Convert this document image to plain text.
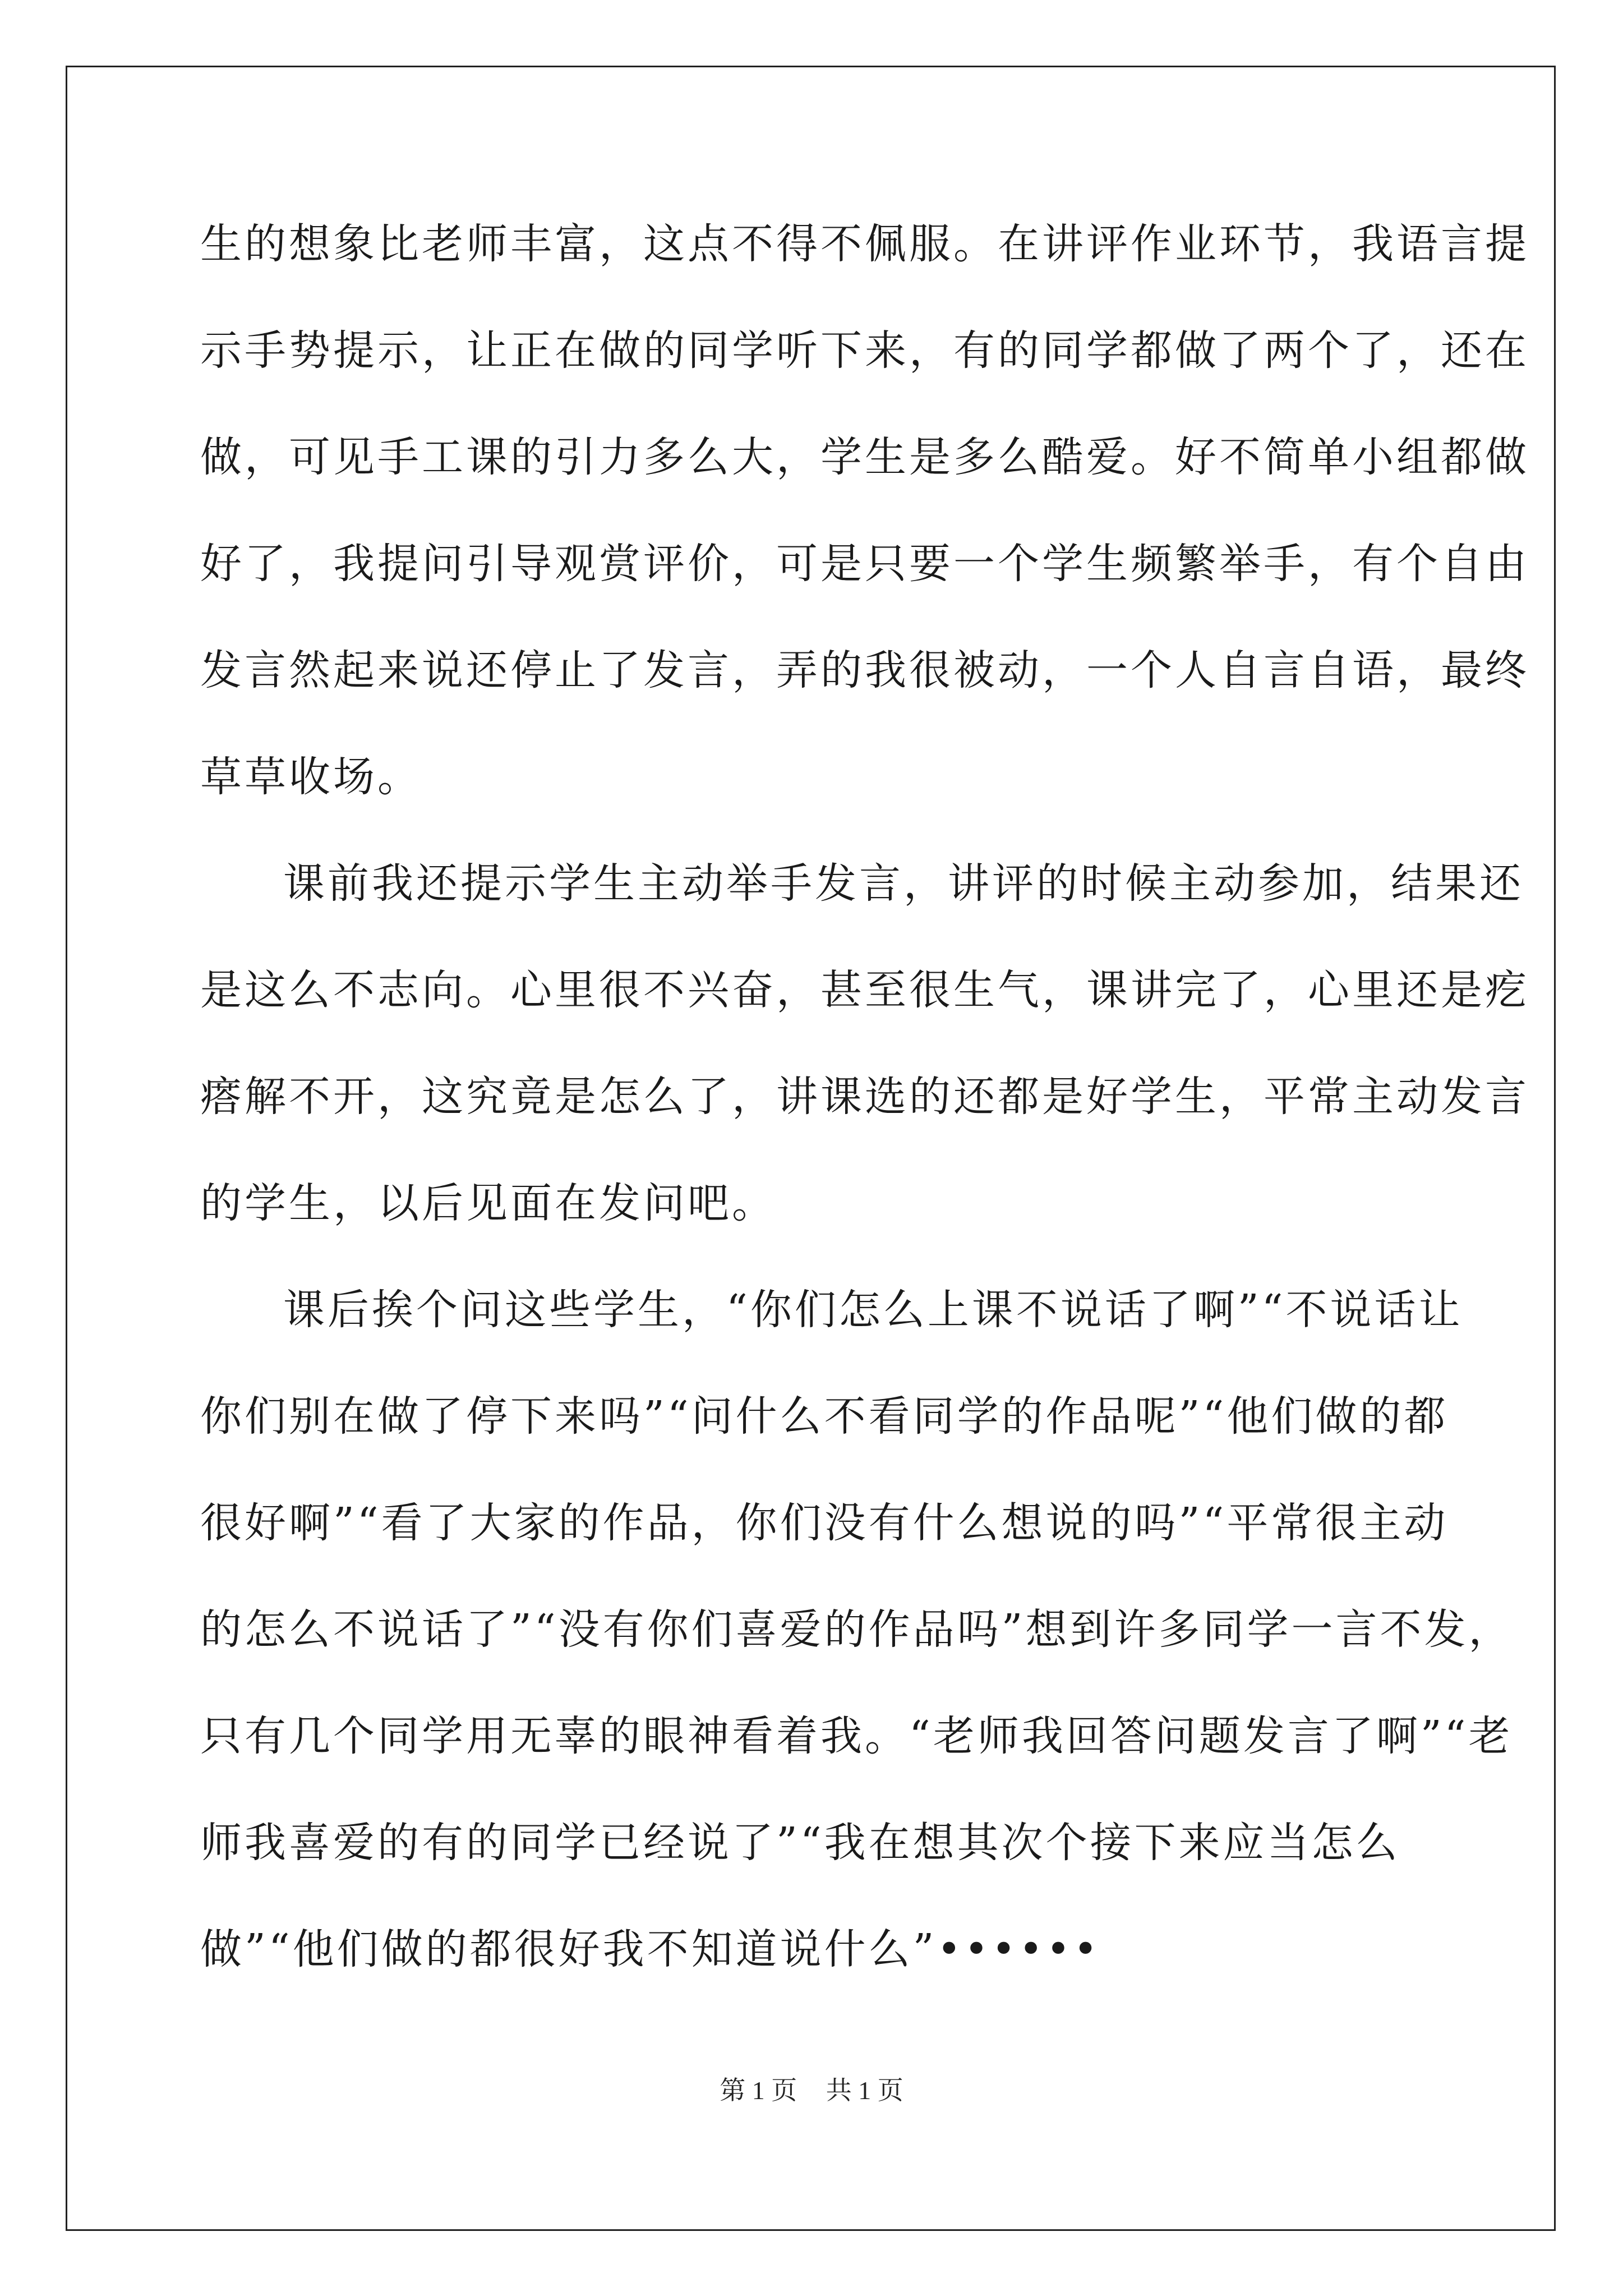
生的想象比老师丰富，这点不得不佩服。在讲评作业环节，我语言提

示手势提示，让正在做的同学听下来，有的同学都做了两个了，还在

做，可见手工课的引力多么大，学生是多么酷爱。好不简单小组都做

好了，我提问引导观赏评价，可是只要一个学生频繁举手，有个自由

发言然起来说还停止了发言，弄的我很被动，一个人自言自语，最终

草草收场。

课前我还提示学生主动举手发言，讲评的时候主动参加，结果还

是这么不志向。心里很不兴奋，甚至很生气，课讲完了，心里还是疙

瘩解不开，这究竟是怎么了，讲课选的还都是好学生，平常主动发言

的学生，以后见面在发问吧。

课后挨个问这些学生，“你们怎么上课不说话了啊”“不说话让

你们别在做了停下来吗”“问什么不看同学的作品呢”“他们做的都

很好啊”“看了大家的作品，你们没有什么想说的吗”“平常很主动

的怎么不说话了”“没有你们喜爱的作品吗”想到许多同学一言不发，

只有几个同学用无辜的眼神看着我。“老师我回答问题发言了啊”“老

师我喜爱的有的同学已经说了”“我在想其次个接下来应当怎么

做”“他们做的都很好我不知道说什么”••••••

第 1 页 共 1 页
